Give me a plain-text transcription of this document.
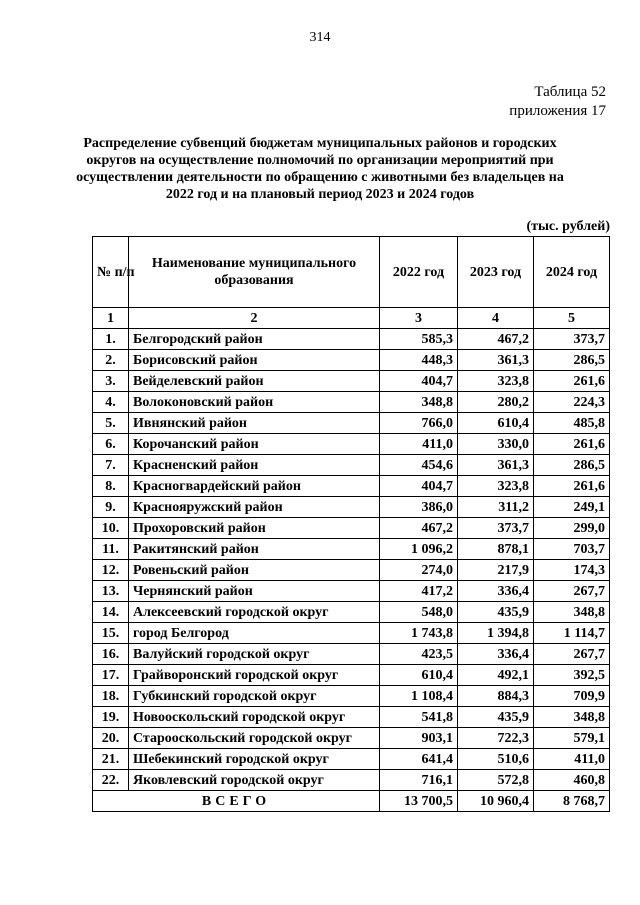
314
Таблица 52
приложения 17
Распределение субвенций бюджетам муниципальных районов и городских округов на осуществление полномочий по организации мероприятий при осуществлении деятельности по обращению с животными без владельцев на 2022 год и на плановый период 2023 и 2024 годов
(тыс. рублей)
№ п/п	Наименование муниципального образования	2022 год	2023 год	2024 год
1	2	3	4	5
1.	Белгородский район	585,3	467,2	373,7
2.	Борисовский район	448,3	361,3	286,5
3.	Вейделевский район	404,7	323,8	261,6
4.	Волоконовский район	348,8	280,2	224,3
5.	Ивнянский район	766,0	610,4	485,8
6.	Корочанский район	411,0	330,0	261,6
7.	Красненский район	454,6	361,3	286,5
8.	Красногвардейский район	404,7	323,8	261,6
9.	Краснояружский район	386,0	311,2	249,1
10.	Прохоровский район	467,2	373,7	299,0
11.	Ракитянский район	1 096,2	878,1	703,7
12.	Ровеньский район	274,0	217,9	174,3
13.	Чернянский район	417,2	336,4	267,7
14.	Алексеевский городской округ	548,0	435,9	348,8
15.	город Белгород	1 743,8	1 394,8	1 114,7
16.	Валуйский городской округ	423,5	336,4	267,7
17.	Грайворонский городской округ	610,4	492,1	392,5
18.	Губкинский городской округ	1 108,4	884,3	709,9
19.	Новооскольский городской округ	541,8	435,9	348,8
20.	Старооскольский городской округ	903,1	722,3	579,1
21.	Шебекинский городской округ	641,4	510,6	411,0
22.	Яковлевский городской округ	716,1	572,8	460,8
ВСЕГО		13 700,5	10 960,4	8 768,7
